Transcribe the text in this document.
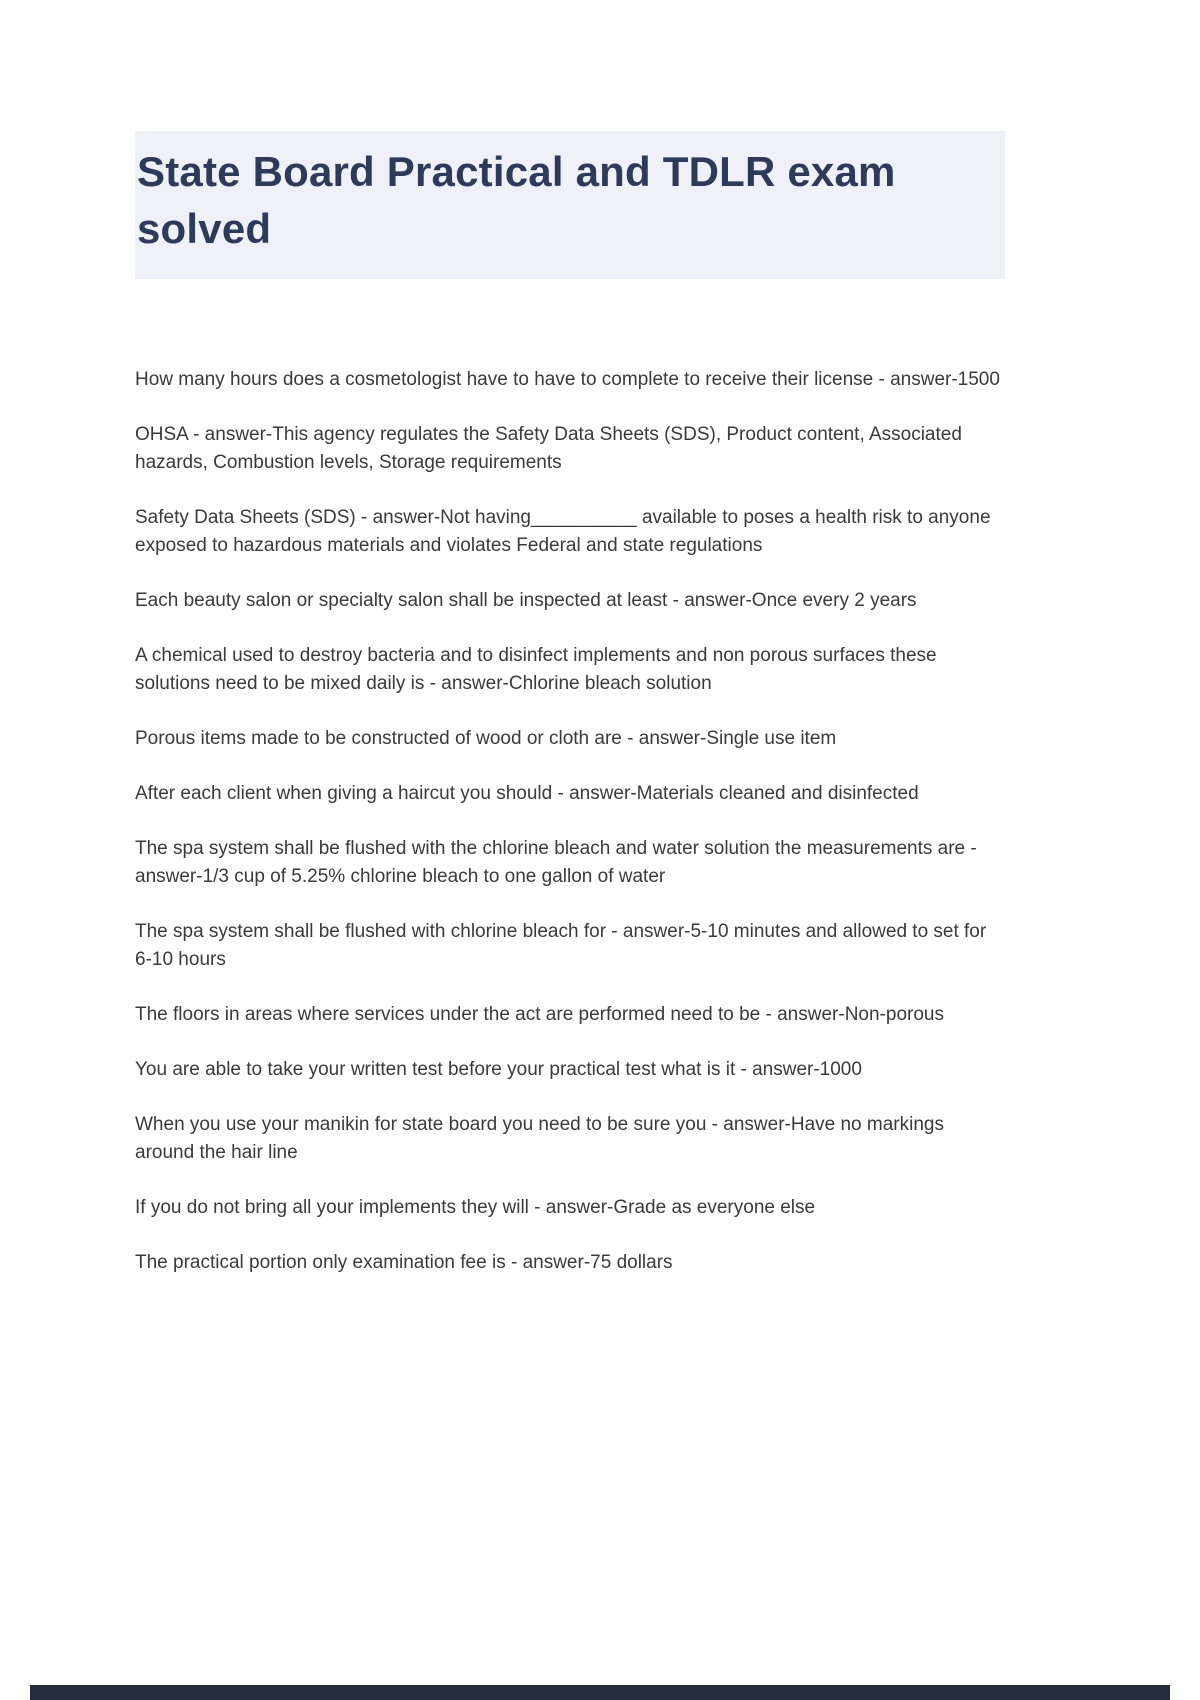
State Board Practical and TDLR exam solved

How many hours does a cosmetologist have to have to complete to receive their license - answer-1500

OHSA - answer-This agency regulates the Safety Data Sheets (SDS), Product content, Associated hazards, Combustion levels, Storage requirements

Safety Data Sheets (SDS) - answer-Not having__________ available to poses a health risk to anyone exposed to hazardous materials and violates Federal and state regulations

Each beauty salon or specialty salon shall be inspected at least - answer-Once every 2 years

A chemical used to destroy bacteria and to disinfect implements and non porous surfaces these solutions need to be mixed daily is - answer-Chlorine bleach solution

Porous items made to be constructed of wood or cloth are - answer-Single use item

After each client when giving a haircut you should - answer-Materials cleaned and disinfected

The spa system shall be flushed with the chlorine bleach and water solution the measurements are - answer-1/3 cup of 5.25% chlorine bleach to one gallon of water

The spa system shall be flushed with chlorine bleach for - answer-5-10 minutes and allowed to set for 6-10 hours

The floors in areas where services under the act are performed need to be - answer-Non-porous

You are able to take your written test before your practical test what is it - answer-1000

When you use your manikin for state board you need to be sure you - answer-Have no markings around the hair line

If you do not bring all your implements they will - answer-Grade as everyone else

The practical portion only examination fee is - answer-75 dollars
